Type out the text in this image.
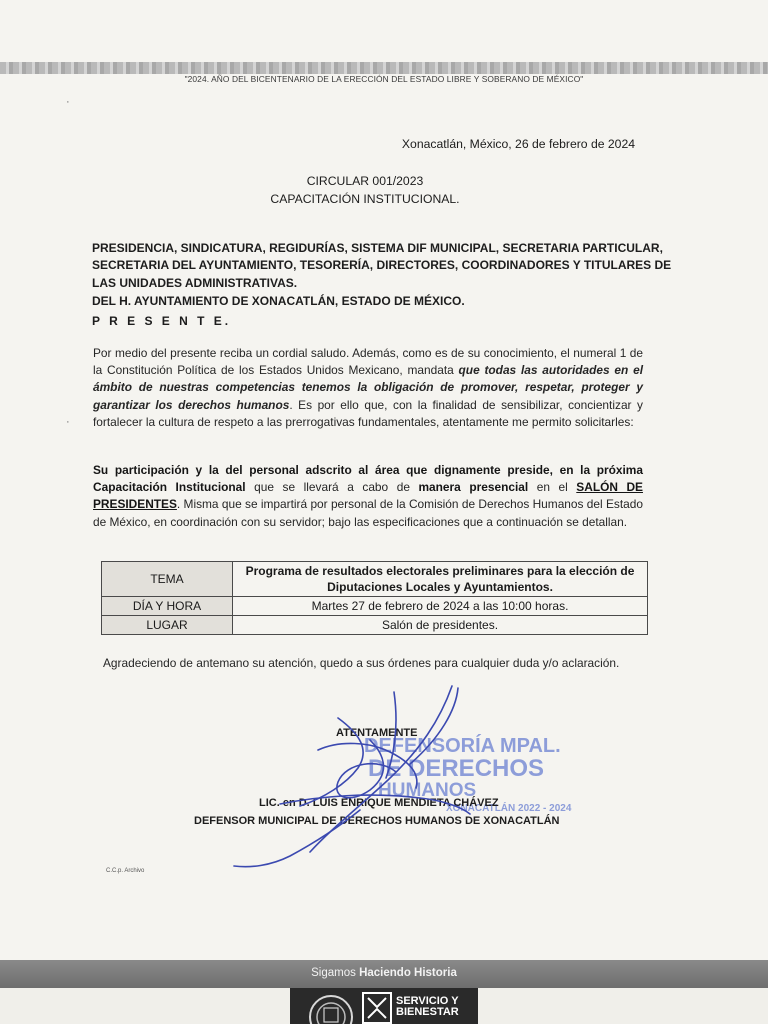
"2024. AÑO DEL BICENTENARIO DE LA ERECCIÓN DEL ESTADO LIBRE Y SOBERANO DE MÉXICO"
·
·
Xonacatlán, México, 26 de febrero de 2024
CIRCULAR 001/2023
CAPACITACIÓN INSTITUCIONAL.
PRESIDENCIA, SINDICATURA, REGIDURÍAS, SISTEMA DIF MUNICIPAL, SECRETARIA PARTICULAR,
SECRETARIA DEL AYUNTAMIENTO, TESORERÍA, DIRECTORES, COORDINADORES Y TITULARES DE
LAS UNIDADES ADMINISTRATIVAS.
DEL H. AYUNTAMIENTO DE XONACATLÁN, ESTADO DE MÉXICO.
P R E S E N T E.
Por medio del presente reciba un cordial saludo. Además, como es de su conocimiento, el numeral 1 de la Constitución Política de los Estados Unidos Mexicano, mandata que todas las autoridades en el ámbito de nuestras competencias tenemos la obligación de promover, respetar, proteger y garantizar los derechos humanos. Es por ello que, con la finalidad de sensibilizar, concientizar y fortalecer la cultura de respeto a las prerrogativas fundamentales, atentamente me permito solicitarles:
Su participación y la del personal adscrito al área que dignamente preside, en la próxima Capacitación Institucional que se llevará a cabo de manera presencial en el SALÓN DE PRESIDENTES. Misma que se impartirá por personal de la Comisión de Derechos Humanos del Estado de México, en coordinación con su servidor; bajo las especificaciones que a continuación se detallan.
TEMA	Programa de resultados electorales preliminares para la elección de Diputaciones Locales y Ayuntamientos.
DÍA Y HORA	Martes 27 de febrero de 2024 a las 10:00 horas.
LUGAR	Salón de presidentes.
Agradeciendo de antemano su atención, quedo a sus órdenes para cualquier duda y/o aclaración.
DEFENSORÍA MPAL.
DE DERECHOS
HUMANOS
XONACATLÁN 2022 - 2024
ATENTAMENTE
LIC. en D. LUIS ENRIQUE MENDIETA CHÁVEZ
DEFENSOR MUNICIPAL DE DERECHOS HUMANOS DE XONACATLÁN
C.C.p. Archivo
Sigamos Haciendo Historia
SERVICIO Y
BIENESTAR
